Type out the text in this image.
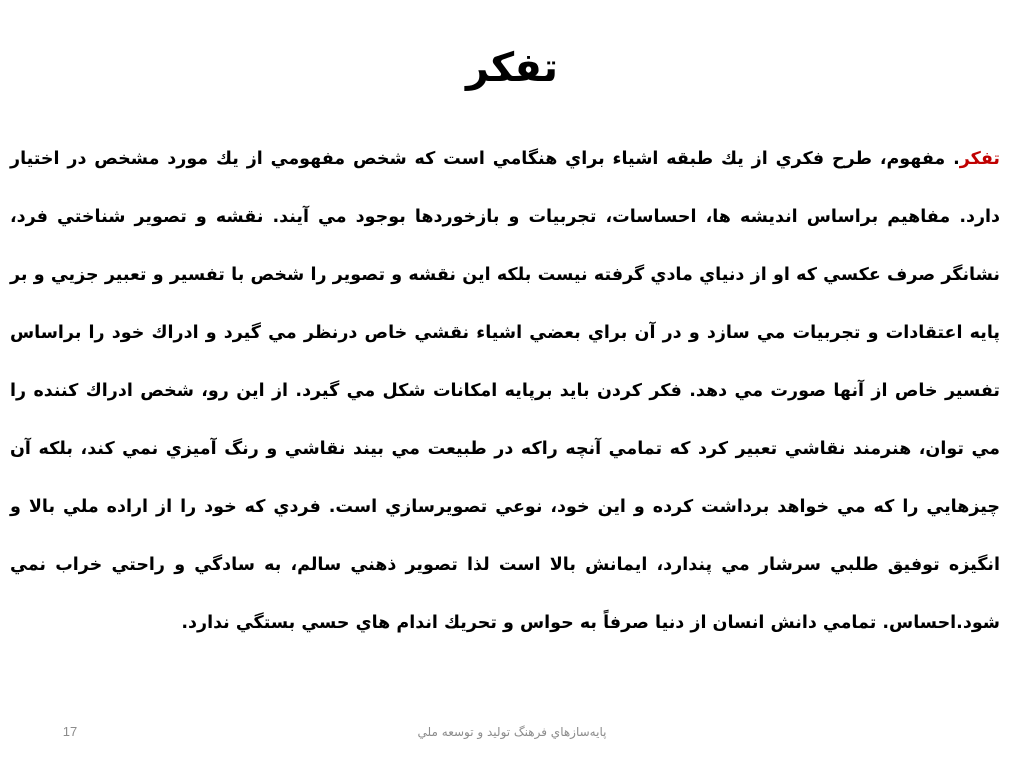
تفكر
تفكر. مفهوم، طرح فكري از يك طبقه اشياء براي هنگامي است كه شخص مفهومي از يك مورد مشخص در اختيار دارد. مفاهيم براساس انديشه ها، احساسات، تجربيات و بازخوردها بوجود مي آيند. نقشه و تصوير شناختي فرد، نشانگر صرف عكسي كه او از دنياي مادي گرفته نيست بلكه اين نقشه و تصوير را شخص با تفسير و تعبير جزيي و بر پايه اعتقادات و تجربيات مي سازد و در آن براي بعضي اشياء نقشي خاص درنظر مي گيرد و ادراك خود را براساس تفسير خاص از آنها صورت مي دهد. فكر كردن بايد برپايه امكانات شكل مي گيرد. از اين رو، شخص ادراك كننده را مي توان، هنرمند نقاشي تعبير كرد كه تمامي آنچه راكه در طبيعت مي بيند نقاشي و رنگ آميزي نمي كند، بلكه آن چيزهايي را كه مي خواهد برداشت كرده و اين خود، نوعي تصويرسازي است. فردي كه خود را از اراده ملي بالا و انگيزه توفيق طلبي سرشار مي پندارد، ايمانش بالا است لذا تصوير ذهني سالم، به سادگي و راحتي خراب نمي شود.احساس. تمامي دانش انسان از دنيا صرفاً به حواس و تحريك اندام هاي حسي بستگي ندارد.
پايه‌سازهاي فرهنگ توليد و توسعه ملي
17
